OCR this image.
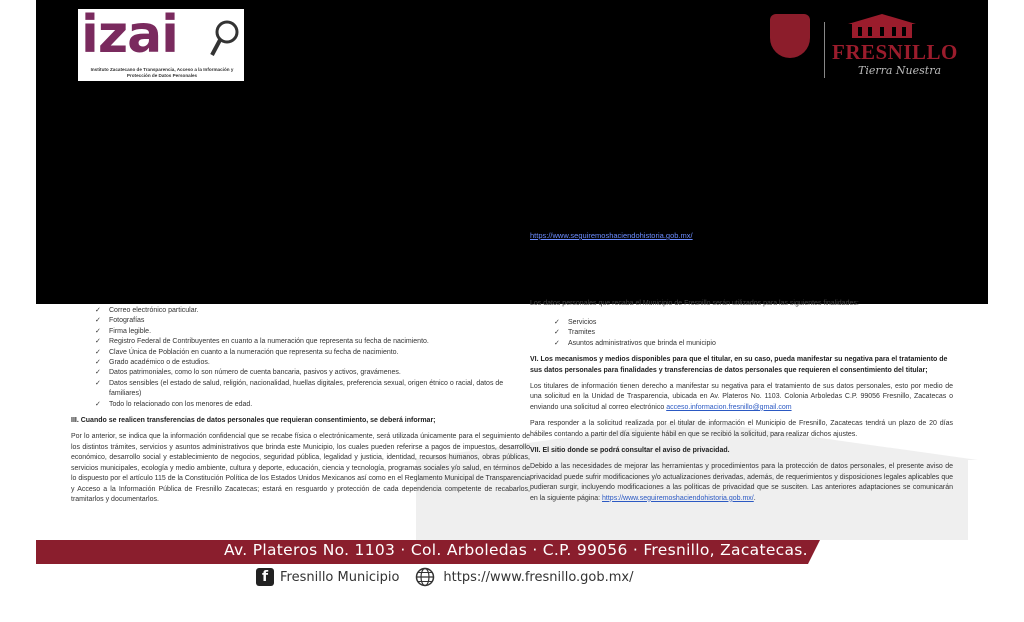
izai
Instituto Zacatecano de Transparencia, Acceso a la Información y Protección de Datos Personales

FRESNILLO
Tierra Nuestra
https://www.seguiremoshaciendohistoria.gob.mx/
Los datos personales que recaba el Municipio de Fresnillo serán utilizados para las siguientes finalidades:
✓ Correo electrónico particular.
✓ Fotografías
✓ Firma legible.
✓ Registro Federal de Contribuyentes en cuanto a la numeración que representa su fecha de nacimiento.
✓ Clave Única de Población en cuanto a la numeración que representa su fecha de nacimiento.
✓ Grado académico o de estudios.
✓ Datos patrimoniales, como lo son número de cuenta bancaria, pasivos y activos, gravámenes.
✓ Datos sensibles (el estado de salud, religión, nacionalidad, huellas digitales, preferencia sexual, origen étnico o racial, datos de familiares)
✓ Todo lo relacionado con los menores de edad.
III. Cuando se realicen transferencias de datos personales que requieran consentimiento, se deberá informar;
Por lo anterior, se indica que la información confidencial que se recabe física o electrónicamente, será utilizada únicamente para el seguimiento de los distintos trámites, servicios y asuntos administrativos que brinda este Municipio, los cuales pueden referirse a pagos de impuestos, desarrollo económico, desarrollo social y establecimiento de negocios, seguridad pública, legalidad y justicia, identidad, recursos humanos, obras públicas, servicios municipales, ecología y medio ambiente, cultura y deporte, educación, ciencia y tecnología, programas sociales y/o salud, en términos de lo dispuesto por el artículo 115 de la Constitución Política de los Estados Unidos Mexicanos así como en el Reglamento Municipal de Transparencia y Acceso a la Información Pública de Fresnillo Zacatecas; estará en resguardo y protección de cada dependencia competente de recabarlos, tramitarlos y documentarlos.
✓ Servicios
✓ Tramites
✓ Asuntos administrativos que brinda el municipio
VI. Los mecanismos y medios disponibles para que el titular, en su caso, pueda manifestar su negativa para el tratamiento de sus datos personales para finalidades y transferencias de datos personales que requieren el consentimiento del titular;
Los titulares de información tienen derecho a manifestar su negativa para el tratamiento de sus datos personales, esto por medio de una solicitud en la Unidad de Trasparencia, ubicada en Av. Plateros No. 1103. Colonia Arboledas C.P. 99056 Fresnillo, Zacatecas o enviando una solicitud al correo electrónico acceso.informacion.fresnillo@gmail.com
Para responder a la solicitud realizada por el titular de información el Municipio de Fresnillo, Zacatecas tendrá un plazo de 20 días hábiles contando a partir del día siguiente hábil en que se recibió la solicitud, para realizar dichos ajustes.
VII. El sitio donde se podrá consultar el aviso de privacidad.
Debido a las necesidades de mejorar las herramientas y procedimientos para la protección de datos personales, el presente aviso de privacidad puede sufrir modificaciones y/o actualizaciones derivadas, además, de requerimientos y disposiciones legales aplicables que pudieran surgir, incluyendo modificaciones a las políticas de privacidad que se susciten. Las anteriores adaptaciones se comunicarán en la siguiente página: https://www.seguiremoshaciendohistoria.gob.mx/.
Av. Plateros No. 1103 · Col. Arboledas · C.P. 99056 · Fresnillo, Zacatecas.
f Fresnillo Municipio	https://www.fresnillo.gob.mx/
